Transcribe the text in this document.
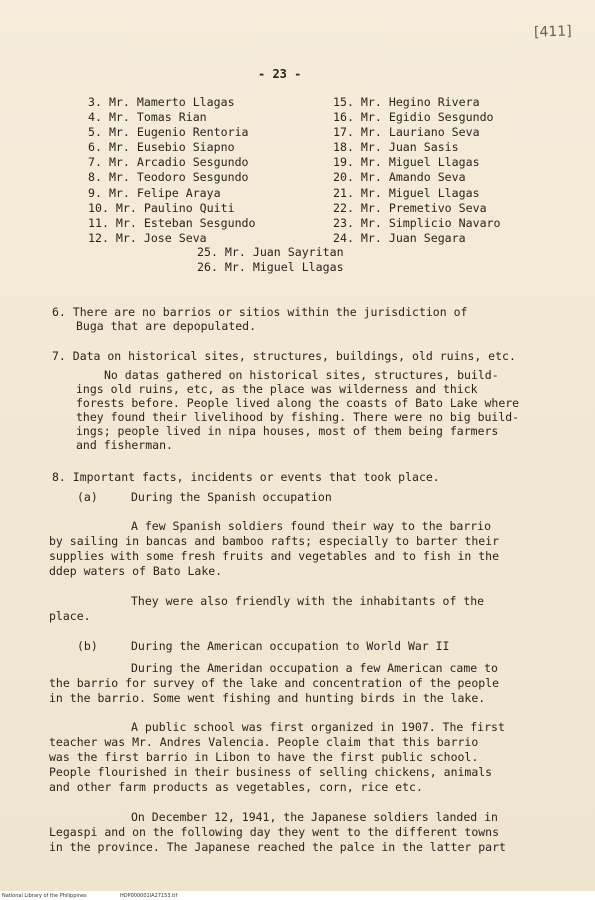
[411]
- 23 -
3. Mr. Mamerto Llagas
4. Mr. Tomas Rian
5. Mr. Eugenio Rentoria
6. Mr. Eusebio Siapno
7. Mr. Arcadio Sesgundo
8. Mr. Teodoro Sesgundo
9. Mr. Felipe Araya
10. Mr. Paulino Quiti
11. Mr. Esteban Sesgundo
12. Mr. Jose Seva
15. Mr. Hegino Rivera
16. Mr. Egidio Sesgundo
17. Mr. Lauriano Seva
18. Mr. Juan Sasis
19. Mr. Miguel Llagas
20. Mr. Amando Seva
21. Mr. Miguel Llagas
22. Mr. Premetivo Seva
23. Mr. Simplicio Navaro
24. Mr. Juan Segara
25. Mr. Juan Sayritan
26. Mr. Miguel Llagas
6. There are no barrios or sitios within the jurisdiction of
Buga that are depopulated.
7. Data on historical sites, structures, buildings, old ruins, etc.
No datas gathered on historical sites, structures, build-
ings old ruins, etc, as the place was wilderness and thick
forests before. People lived along the coasts of Bato Lake where
they found their livelihood by fishing. There were no big build-
ings; people lived in nipa houses, most of them being farmers
and fisherman.
8. Important facts, incidents or events that took place.
(a)	During the Spanish occupation
A few Spanish soldiers found their way to the barrio
by sailing in bancas and bamboo rafts; especially to barter their
supplies with some fresh fruits and vegetables and to fish in the
ddep waters of Bato Lake.
They were also friendly with the inhabitants of the
place.
(b)	During the American occupation to World War II
During the Ameridan occupation a few American came to
the barrio for survey of the lake and concentration of the people
in the barrio. Some went fishing and hunting birds in the lake.
A public school was first organized in 1907. The first
teacher was Mr. Andres Valencia. People claim that this barrio
was the first barrio in Libon to have the first public school.
People flourished in their business of selling chickens, animals
and other farm products as vegetables, corn, rice etc.
On December 12, 1941, the Japanese soldiers landed in
Legaspi and on the following day they went to the different towns
in the province. The Japanese reached the palce in the latter part
National Library of the Philippines	HDP000001IA27153.tif
